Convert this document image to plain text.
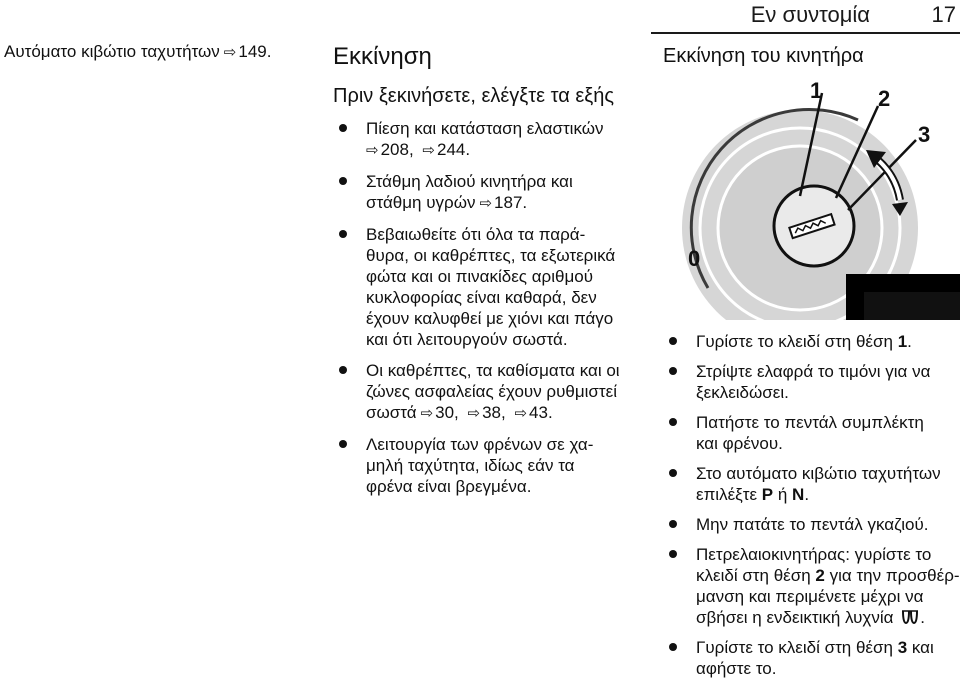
Εν συντομία	17
Αυτόματο κιβώτιο ταχυτήτων ⇨ 149.	Εκκίνηση
Πριν ξεκινήσετε, ελέγξτε τα εξής
Πίεση και κατάσταση ελαστικών
⇨ 208, ⇨ 244.
Στάθμη λαδιού κινητήρα και
στάθμη υγρών ⇨ 187.
Βεβαιωθείτε ότι όλα τα παρά-
θυρα, οι καθρέπτες, τα εξωτερικά
φώτα και οι πινακίδες αριθμού
κυκλοφορίας είναι καθαρά, δεν
έχουν καλυφθεί με χιόνι και πάγο
και ότι λειτουργούν σωστά.
Οι καθρέπτες, τα καθίσματα και οι
ζώνες ασφαλείας έχουν ρυθμιστεί
σωστά ⇨ 30, ⇨ 38, ⇨ 43.
Λειτουργία των φρένων σε χα-
μηλή ταχύτητα, ιδίως εάν τα
φρένα είναι βρεγμένα.
Εκκίνηση του κινητήρα
1	2
3
0
Γυρίστε το κλειδί στη θέση 1.
Στρίψτε ελαφρά το τιμόνι για να
ξεκλειδώσει.
Πατήστε το πεντάλ συμπλέκτη
και φρένου.
Στο αυτόματο κιβώτιο ταχυτήτων
επιλέξτε P ή N.
Μην πατάτε το πεντάλ γκαζιού.
Πετρελαιοκινητήρας: γυρίστε το
κλειδί στη θέση 2 για την προσθέρ-
μανση και περιμένετε μέχρι να
σβήσει η ενδεικτική λυχνία .
Γυρίστε το κλειδί στη θέση 3 και
αφήστε το.
